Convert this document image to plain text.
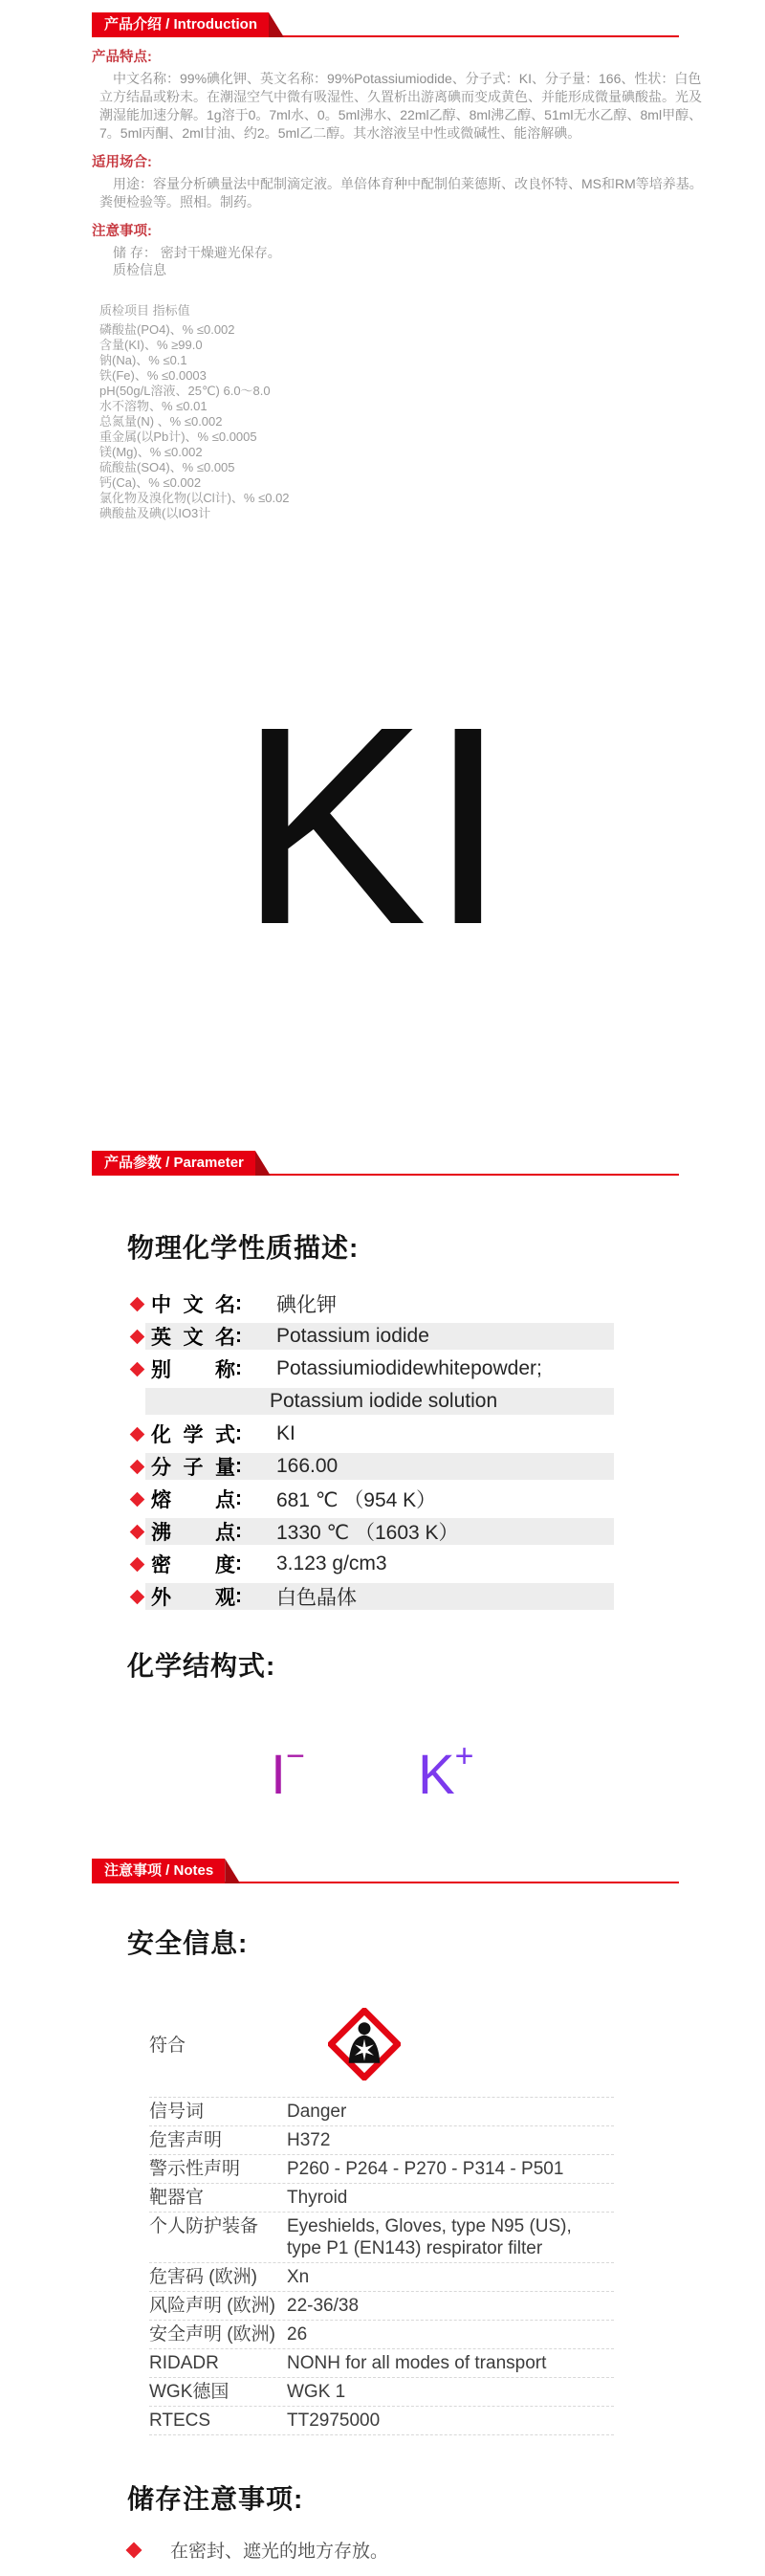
产品介绍 / Introduction
产品特点:

中文名称：99%碘化钾、英文名称：99%Potassiumiodide、分子式：KI、分子量：166、性状：白色立方结晶或粉末。在潮湿空气中微有吸湿性、久置析出游离碘而变成黄色、并能形成微量碘酸盐。光及潮湿能加速分解。1g溶于0。7ml水、0。5ml沸水、22ml乙醇、8ml沸乙醇、51ml无水乙醇、8ml甲醇、7。5ml丙酮、2ml甘油、约2。5ml乙二醇。其水溶液呈中性或微碱性、能溶解碘。

适用场合:

用途：容量分析碘量法中配制滴定液。单倍体育种中配制伯莱德斯、改良怀特、MS和RM等培养基。粪便检验等。照相。制药。

注意事项:

储 存： 密封干燥避光保存。

质检信息

质检项目 指标值

磷酸盐(PO4)、% ≤0.002
含量(KI)、% ≥99.0
钠(Na)、% ≤0.1
铁(Fe)、% ≤0.0003
pH(50g/L溶液、25℃) 6.0～8.0
水不溶物、% ≤0.01
总氮量(N) 、% ≤0.002
重金属(以Pb计)、% ≤0.0005
镁(Mg)、% ≤0.002
硫酸盐(SO4)、% ≤0.005
钙(Ca)、% ≤0.002
氯化物及溴化物(以Cl计)、% ≤0.02
碘酸盐及碘(以IO3计
KI
产品参数 / Parameter
物理化学性质描述:
中 文 名 : 碘化钾
英 文 名 : Potassium iodide
别 称 : Potassiumiodidewhitepowder;
Potassium iodide solution
化 学 式 : KI
分 子 量 : 166.00
熔 点 : 681 ℃ （954 K）
沸 点 : 1330 ℃ （1603 K）
密 度 : 3.123 g/cm3
外 观 : 白色晶体
化学结构式:
I− K+
注意事项 / Notes
安全信息:
符合
信号词	Danger
危害声明	H372
警示性声明	P260 - P264 - P270 - P314 - P501
靶器官	Thyroid
个人防护装备	Eyeshields, Gloves, type N95 (US), type P1 (EN143) respirator filter
危害码 (欧洲)	Xn
风险声明 (欧洲) 22-36/38
安全声明 (欧洲) 26
RIDADR	NONH for all modes of transport
WGK德国	WGK 1
RTECS	TT2975000
储存注意事项:
在密封、遮光的地方存放。
